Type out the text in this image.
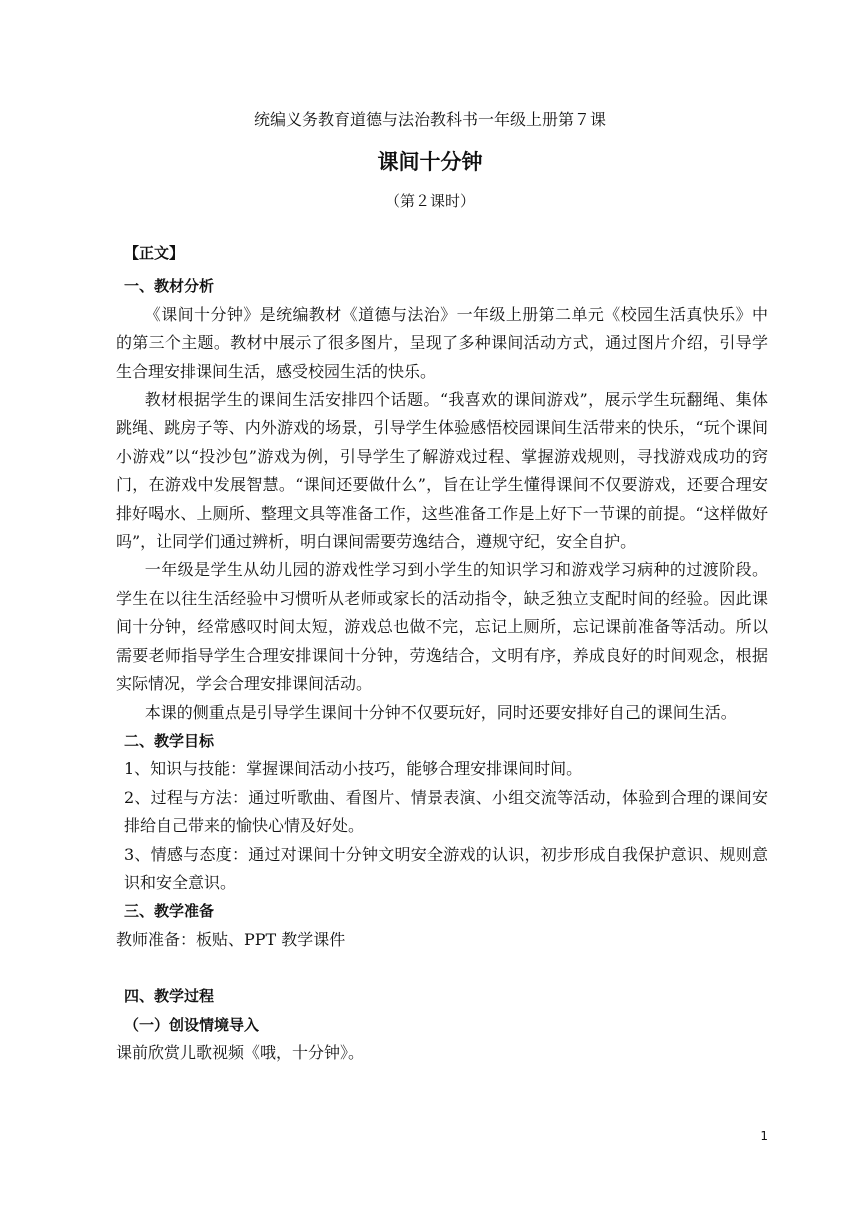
统编义务教育道德与法治教科书一年级上册第７课
课间十分钟
（第２课时）

【正文】

一、教材分析

《课间十分钟》是统编教材《道德与法治》一年级上册第二单元《校园生活真快乐》中的第三个主题。教材中展示了很多图片，呈现了多种课间活动方式，通过图片介绍，引导学生合理安排课间生活，感受校园生活的快乐。

教材根据学生的课间生活安排四个话题。“我喜欢的课间游戏”，展示学生玩翻绳、集体跳绳、跳房子等、内外游戏的场景，引导学生体验感悟校园课间生活带来的快乐，“玩个课间小游戏”以“投沙包”游戏为例，引导学生了解游戏过程、掌握游戏规则，寻找游戏成功的窍门，在游戏中发展智慧。“课间还要做什么”，旨在让学生懂得课间不仅要游戏，还要合理安排好喝水、上厕所、整理文具等准备工作，这些准备工作是上好下一节课的前提。“这样做好吗”，让同学们通过辨析，明白课间需要劳逸结合，遵规守纪，安全自护。

一年级是学生从幼儿园的游戏性学习到小学生的知识学习和游戏学习病种的过渡阶段。学生在以往生活经验中习惯听从老师或家长的活动指令，缺乏独立支配时间的经验。因此课间十分钟，经常感叹时间太短，游戏总也做不完，忘记上厕所，忘记课前准备等活动。所以需要老师指导学生合理安排课间十分钟，劳逸结合，文明有序，养成良好的时间观念，根据实际情况，学会合理安排课间活动。

本课的侧重点是引导学生课间十分钟不仅要玩好，同时还要安排好自己的课间生活。

二、教学目标

1、知识与技能：掌握课间活动小技巧，能够合理安排课间时间。

2、过程与方法：通过听歌曲、看图片、情景表演、小组交流等活动，体验到合理的课间安排给自己带来的愉快心情及好处。

3、情感与态度：通过对课间十分钟文明安全游戏的认识，初步形成自我保护意识、规则意识和安全意识。

三、教学准备

教师准备：板贴、PPT 教学课件

四、教学过程

（一）创设情境导入

课前欣赏儿歌视频《哦，十分钟》。

1
